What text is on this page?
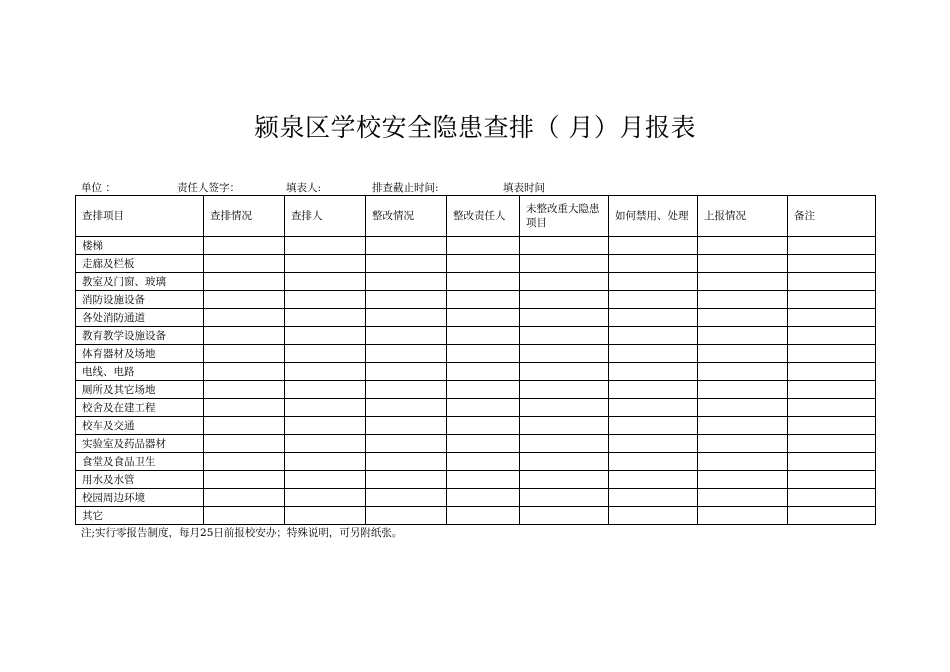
颍泉区学校安全隐患查排（ 月）月报表
单位 ：	责任人签字：	填表人:	排查截止时间:	填表时间
查排项目	查排情况	查排人	整改情况	整改责任人	未整改重大隐患项目	如何禁用、处理	上报情况	备注
楼梯								
走廊及栏板								
教室及门窗、玻璃								
消防设施设备								
各处消防通道								
教育教学设施设备								
体育器材及场地								
电线、电路								
厕所及其它场地								
校舍及在建工程								
校车及交通								
实验室及药品器材								
食堂及食品卫生								
用水及水管								
校园周边环境								
其它								
注;实行零报告制度，每月25日前报校安办；特殊说明，可另附纸张。
